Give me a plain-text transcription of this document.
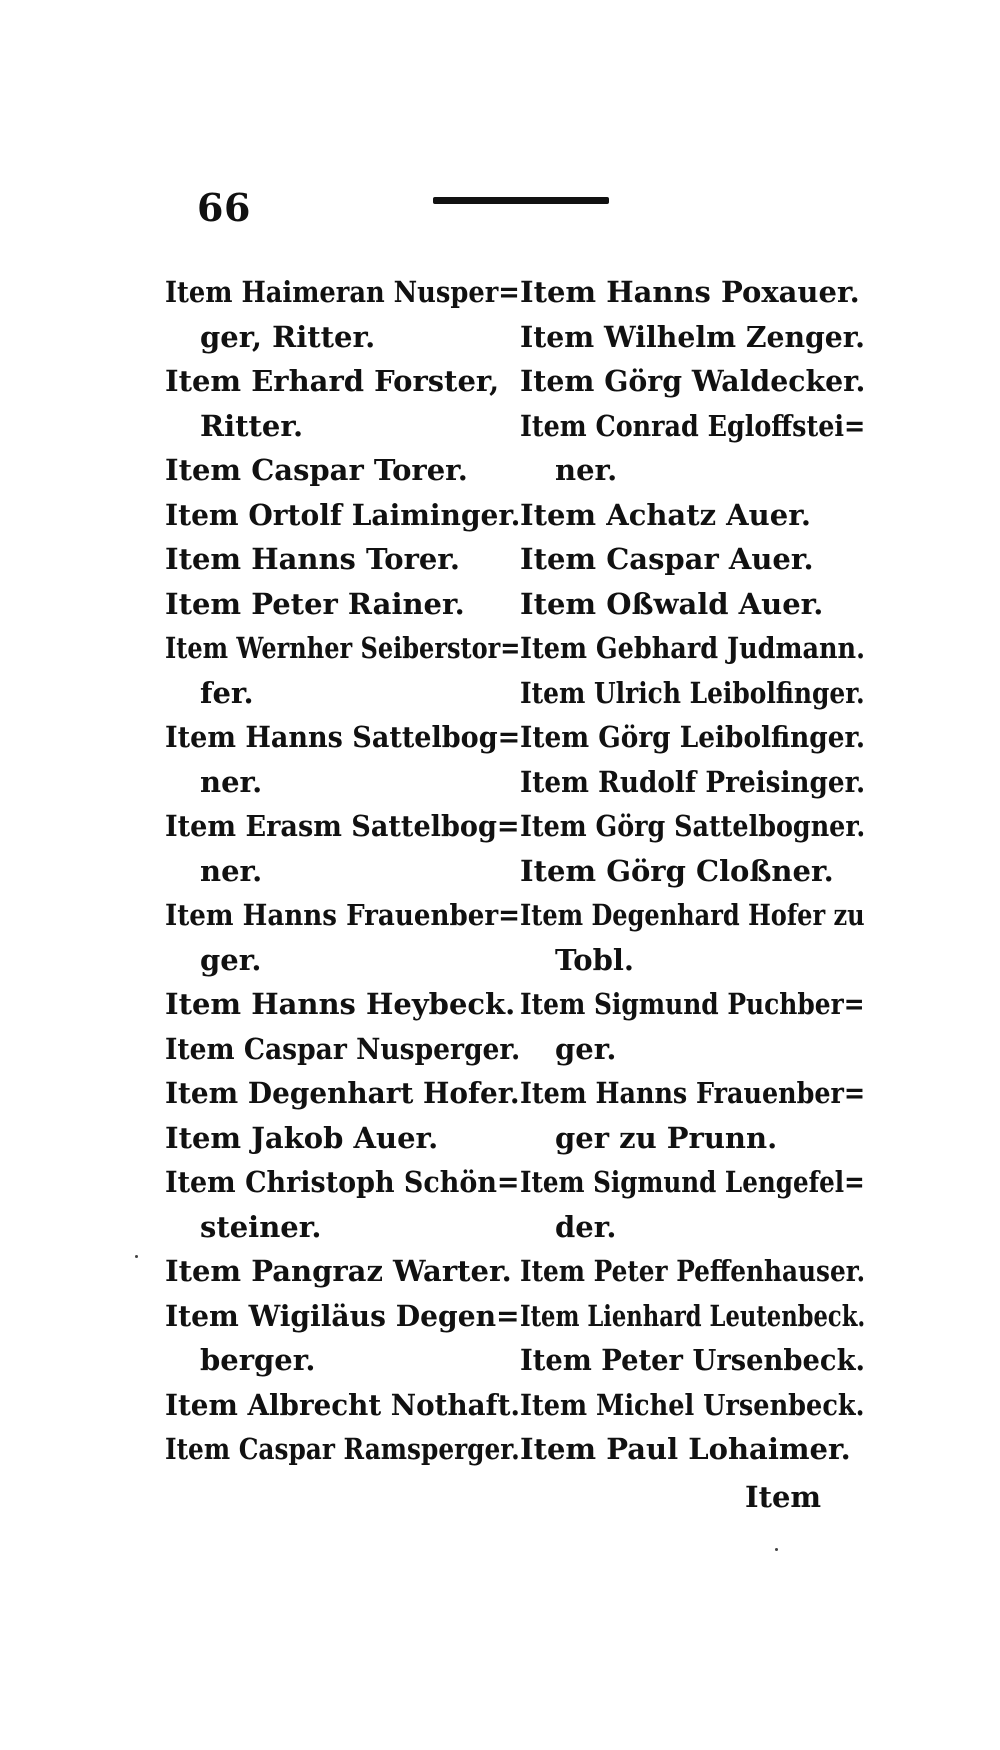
66
Item Haimeran Nusper=
ger, Ritter.
Item Erhard Forster,
Ritter.
Item Caspar Torer.
Item Ortolf Laiminger.
Item Hanns Torer.
Item Peter Rainer.
Item Wernher Seiberstor=
fer.
Item Hanns Sattelbog=
ner.
Item Erasm Sattelbog=
ner.
Item Hanns Frauenber=
ger.
Item Hanns Heybeck.
Item Caspar Nusperger.
Item Degenhart Hofer.
Item Jakob Auer.
Item Christoph Schön=
steiner.
Item Pangraz Warter.
Item Wigiläus Degen=
berger.
Item Albrecht Nothaft.
Item Caspar Ramsperger.
Item Hanns Poxauer.
Item Wilhelm Zenger.
Item Görg Waldecker.
Item Conrad Egloffstei=
ner.
Item Achatz Auer.
Item Caspar Auer.
Item Oßwald Auer.
Item Gebhard Judmann.
Item Ulrich Leibolfinger.
Item Görg Leibolfinger.
Item Rudolf Preisinger.
Item Görg Sattelbogner.
Item Görg Cloßner.
Item Degenhard Hofer zu
Tobl.
Item Sigmund Puchber=
ger.
Item Hanns Frauenber=
ger zu Prunn.
Item Sigmund Lengefel=
der.
Item Peter Peffenhauser.
Item Lienhard Leutenbeck.
Item Peter Ursenbeck.
Item Michel Ursenbeck.
Item Paul Lohaimer.
Item
